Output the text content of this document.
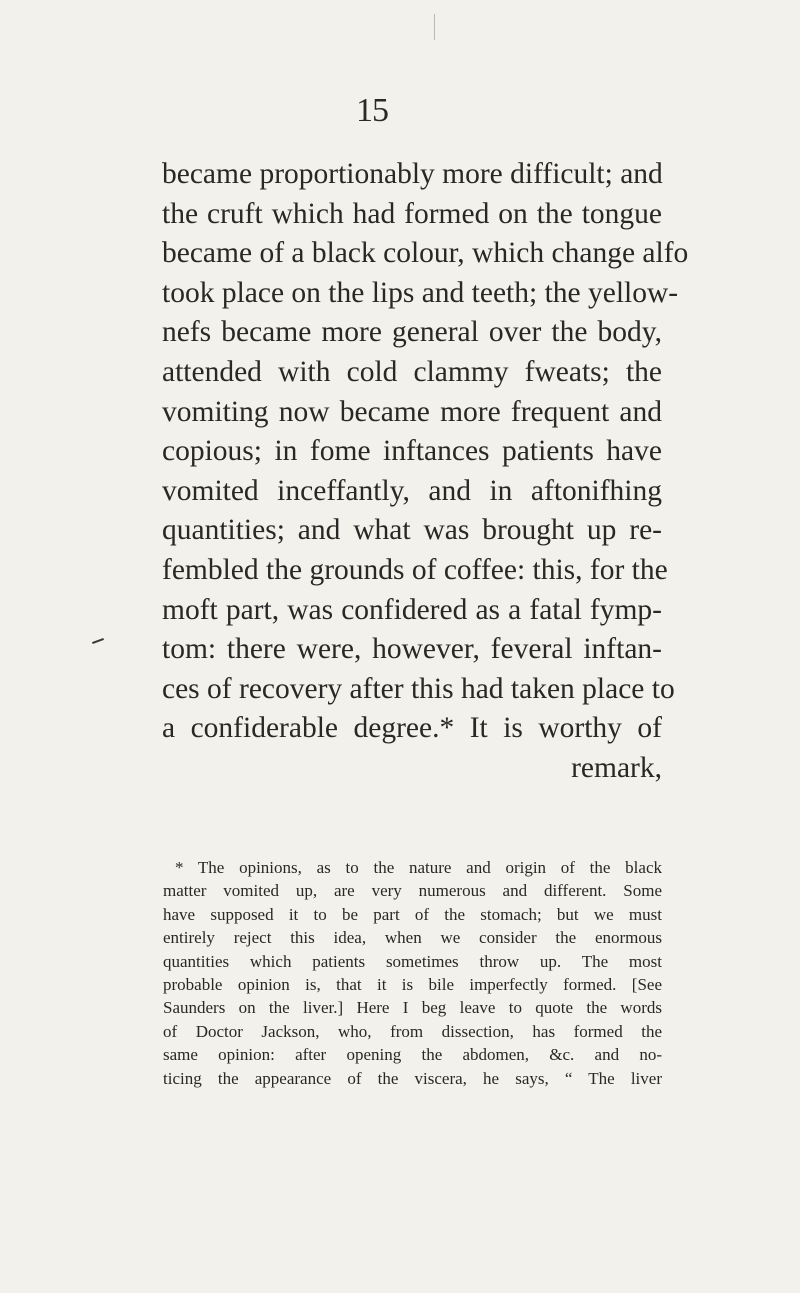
15
became proportionably more difficult; and
the cruft which had formed on the tongue
became of a black colour, which change alfo
took place on the lips and teeth; the yellow-
nefs became more general over the body,
attended with cold clammy fweats; the
vomiting now became more frequent and
copious; in fome inftances patients have
vomited inceffantly, and in aftonifhing
quantities; and what was brought up re-
fembled the grounds of coffee: this, for the
moft part, was confidered as a fatal fymp-
tom: there were, however, feveral inftan-
ces of recovery after this had taken place to
a confiderable degree.* It is worthy of
remark,
* The opinions, as to the nature and origin of the black
matter vomited up, are very numerous and different. Some
have supposed it to be part of the stomach; but we must
entirely reject this idea, when we consider the enormous
quantities which patients sometimes throw up. The most
probable opinion is, that it is bile imperfectly formed. [See
Saunders on the liver.] Here I beg leave to quote the words
of Doctor Jackson, who, from dissection, has formed the
same opinion: after opening the abdomen, &c. and no-
ticing the appearance of the viscera, he says, “ The liver
